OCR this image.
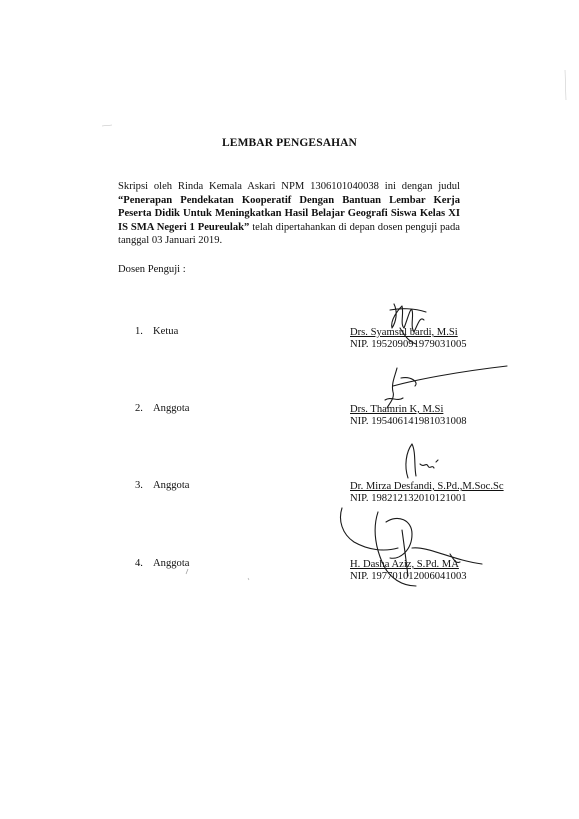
LEMBAR PENGESAHAN
Skripsi oleh Rinda Kemala Askari NPM 1306101040038 ini dengan judul “Penerapan Pendekatan Kooperatif Dengan Bantuan Lembar Kerja Peserta Didik Untuk Meningkatkan Hasil Belajar Geografi Siswa Kelas XI IS SMA Negeri 1 Peureulak” telah dipertahankan di depan dosen penguji pada tanggal 03 Januari 2019.
Dosen Penguji :
1. Ketua	Drs. Syamsul bardi, M.Si
NIP. 195209091979031005
2. Anggota	Drs. Thamrin K, M.Si
NIP. 195406141981031008
3. Anggota	Dr. Mirza Desfandi, S.Pd.,M.Soc.Sc
NIP. 198212132010121001
4. Anggota	H. Dasha Aziz, S.Pd. MA
NIP. 197701012006041003
